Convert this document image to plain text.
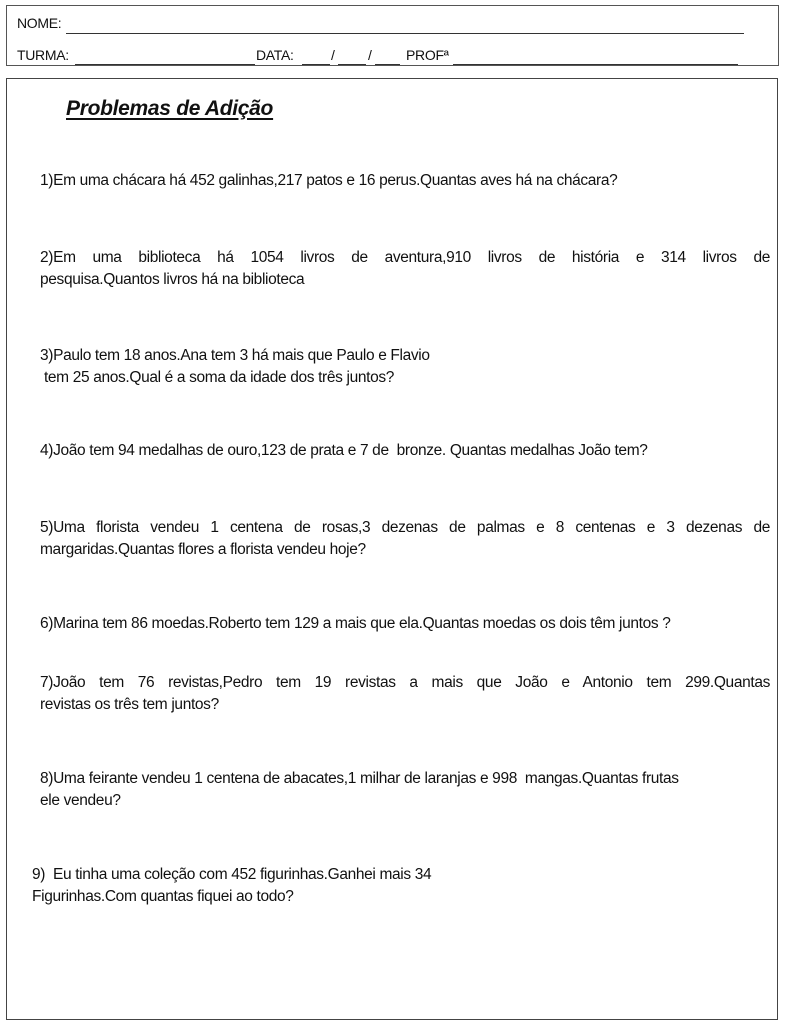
NOME:
TURMA:	DATA:	/ / PROFª
Problemas de Adição
1)Em uma chácara há 452 galinhas,217 patos e 16 perus.Quantas aves há na chácara?
2)Em uma biblioteca há 1054 livros de aventura,910 livros de história e 314 livros de
pesquisa.Quantos livros há na biblioteca
3)Paulo tem 18 anos.Ana tem 3 há mais que Paulo e Flavio
tem 25 anos.Qual é a soma da idade dos três juntos?
4)João tem 94 medalhas de ouro,123 de prata e 7 de  bronze. Quantas medalhas João tem?
5)Uma florista vendeu 1 centena de rosas,3 dezenas de palmas e 8 centenas e 3 dezenas de
margaridas.Quantas flores a florista vendeu hoje?
6)Marina tem 86 moedas.Roberto tem 129 a mais que ela.Quantas moedas os dois têm juntos ?
7)João tem 76 revistas,Pedro tem 19 revistas a mais que João e Antonio tem 299.Quantas
revistas os três tem juntos?
8)Uma feirante vendeu 1 centena de abacates,1 milhar de laranjas e 998  mangas.Quantas frutas
ele vendeu?
9)  Eu tinha uma coleção com 452 figurinhas.Ganhei mais 34
Figurinhas.Com quantas fiquei ao todo?
